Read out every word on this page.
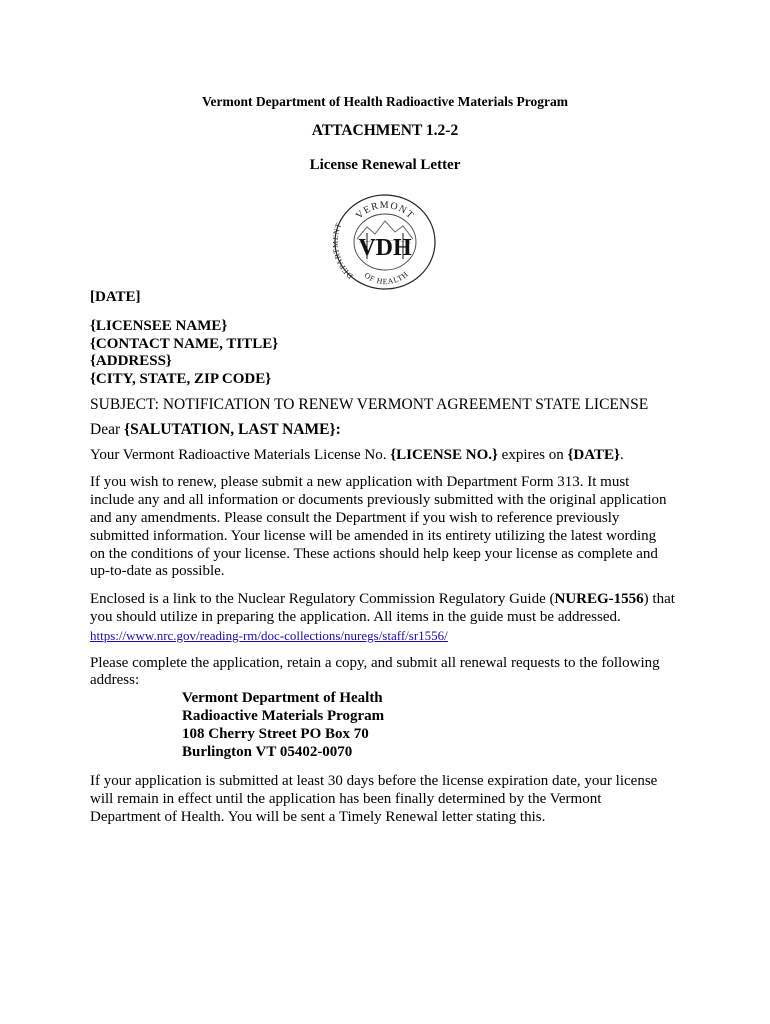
Vermont Department of Health Radioactive Materials Program
ATTACHMENT 1.2-2
License Renewal Letter
VDH
VERMONT
DEPAR T
OF HEALTH

[DATE]

{LICENSEE NAME}
{CONTACT NAME, TITLE}
{ADDRESS}
{CITY, STATE, ZIP CODE}

SUBJECT: NOTIFICATION TO RENEW VERMONT AGREEMENT STATE LICENSE

Dear {SALUTATION, LAST NAME}:

Your Vermont Radioactive Materials License No. {LICENSE NO.} expires on {DATE}.

If you wish to renew, please submit a new application with Department Form 313. It must
include any and all information or documents previously submitted with the original application
and any amendments. Please consult the Department if you wish to reference previously
submitted information. Your license will be amended in its entirety utilizing the latest wording
on the conditions of your license. These actions should help keep your license as complete and
up-to-date as possible.
Enclosed is a link to the Nuclear Regulatory Commission Regulatory Guide (NUREG-1556) that
you should utilize in preparing the application. All items in the guide must be addressed.
https://www.nrc.gov/reading-rm/doc-collections/nuregs/staff/sr1556/
Please complete the application, retain a copy, and submit all renewal requests to the following
address:
Vermont Department of Health
Radioactive Materials Program
108 Cherry Street PO Box 70
Burlington VT 05402-0070
If your application is submitted at least 30 days before the license expiration date, your license
will remain in effect until the application has been finally determined by the Vermont
Department of Health. You will be sent a Timely Renewal letter stating this.
